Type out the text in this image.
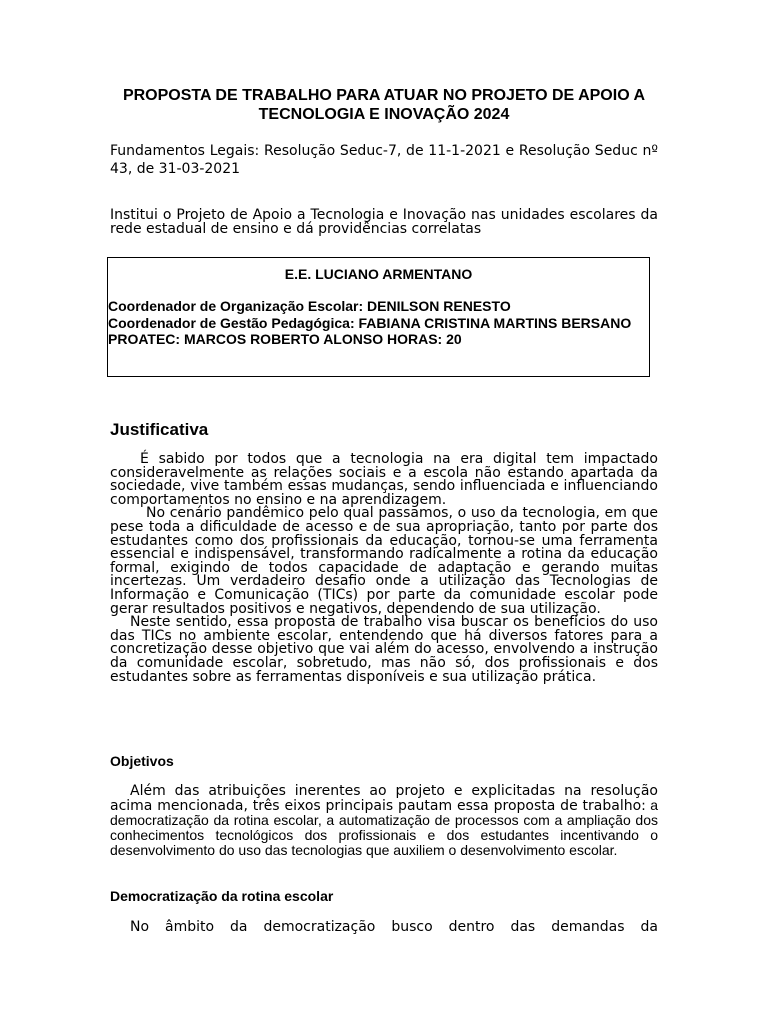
PROPOSTA DE TRABALHO PARA ATUAR NO PROJETO DE APOIO A TECNOLOGIA E INOVAÇÃO 2024

Fundamentos Legais: Resolução Seduc-7, de 11-1-2021 e Resolução Seduc nº 43, de 31-03-2021

Institui o Projeto de Apoio a Tecnologia e Inovação nas unidades escolares da rede estadual de ensino e dá providências correlatas

E.E. LUCIANO ARMENTANO
Coordenador de Organização Escolar: DENILSON RENESTO
Coordenador de Gestão Pedagógica: FABIANA CRISTINA MARTINS BERSANO
PROATEC: MARCOS ROBERTO ALONSO HORAS: 20
Justificativa

É sabido por todos que a tecnologia na era digital tem impactado consideravelmente as relações sociais e a escola não estando apartada da sociedade, vive também essas mudanças, sendo influenciada e influenciando comportamentos no ensino e na aprendizagem.

No cenário pandêmico pelo qual passamos, o uso da tecnologia, em que pese toda a dificuldade de acesso e de sua apropriação, tanto por parte dos estudantes como dos profissionais da educação, tornou-se uma ferramenta essencial e indispensável, transformando radicalmente a rotina da educação formal, exigindo de todos capacidade de adaptação e gerando muitas incertezas. Um verdadeiro desafio onde a utilização das Tecnologias de Informação e Comunicação (TICs) por parte da comunidade escolar pode gerar resultados positivos e negativos, dependendo de sua utilização.

Neste sentido, essa proposta de trabalho visa buscar os benefícios do uso das TICs no ambiente escolar, entendendo que há diversos fatores para a concretização desse objetivo que vai além do acesso, envolvendo a instrução da comunidade escolar, sobretudo, mas não só, dos profissionais e dos estudantes sobre as ferramentas disponíveis e sua utilização prática.

Objetivos

Além das atribuições inerentes ao projeto e explicitadas na resolução acima mencionada, três eixos principais pautam essa proposta de trabalho: a democratização da rotina escolar, a automatização de processos com a ampliação dos conhecimentos tecnológicos dos profissionais e dos estudantes incentivando o desenvolvimento do uso das tecnologias que auxiliem o desenvolvimento escolar.

Democratização da rotina escolar

No âmbito da democratização busco dentro das demandas da
